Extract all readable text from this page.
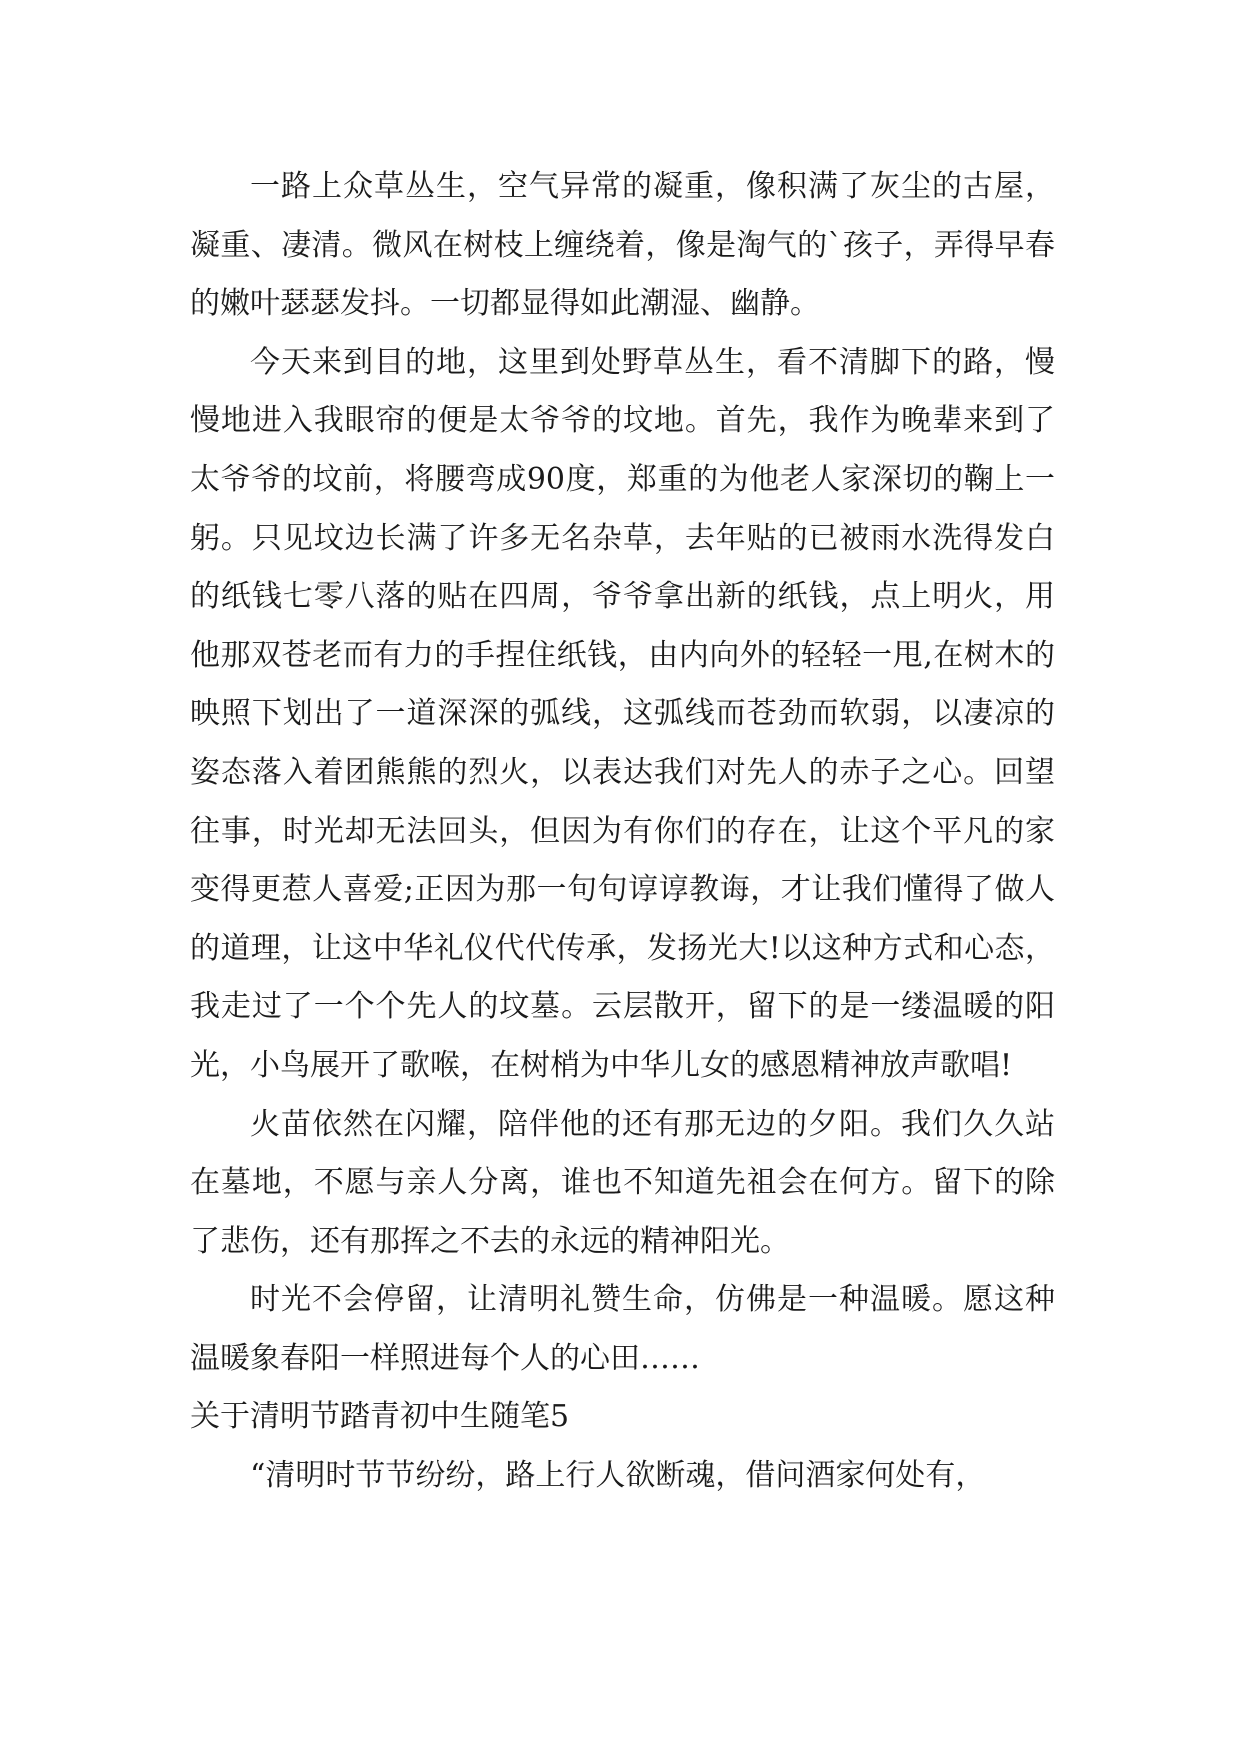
一路上众草丛生，空气异常的凝重，像积满了灰尘的古屋，凝重、凄清。微风在树枝上缠绕着，像是淘气的`孩子，弄得早春的嫩叶瑟瑟发抖。一切都显得如此潮湿、幽静。

今天来到目的地，这里到处野草丛生，看不清脚下的路，慢慢地进入我眼帘的便是太爷爷的坟地。首先，我作为晚辈来到了太爷爷的坟前，将腰弯成90度，郑重的为他老人家深切的鞠上一躬。只见坟边长满了许多无名杂草，去年贴的已被雨水洗得发白的纸钱七零八落的贴在四周，爷爷拿出新的纸钱，点上明火，用他那双苍老而有力的手捏住纸钱，由内向外的轻轻一甩,在树木的映照下划出了一道深深的弧线，这弧线而苍劲而软弱，以凄凉的姿态落入着团熊熊的烈火，以表达我们对先人的赤子之心。回望往事，时光却无法回头，但因为有你们的存在，让这个平凡的家变得更惹人喜爱;正因为那一句句谆谆教诲，才让我们懂得了做人的道理，让这中华礼仪代代传承，发扬光大!以这种方式和心态，我走过了一个个先人的坟墓。云层散开，留下的是一缕温暖的阳光，小鸟展开了歌喉，在树梢为中华儿女的感恩精神放声歌唱!

火苗依然在闪耀，陪伴他的还有那无边的夕阳。我们久久站在墓地，不愿与亲人分离，谁也不知道先祖会在何方。留下的除了悲伤，还有那挥之不去的永远的精神阳光。

时光不会停留，让清明礼赞生命，仿佛是一种温暖。愿这种温暖象春阳一样照进每个人的心田……

关于清明节踏青初中生随笔5

“清明时节节纷纷，路上行人欲断魂，借问酒家何处有，
